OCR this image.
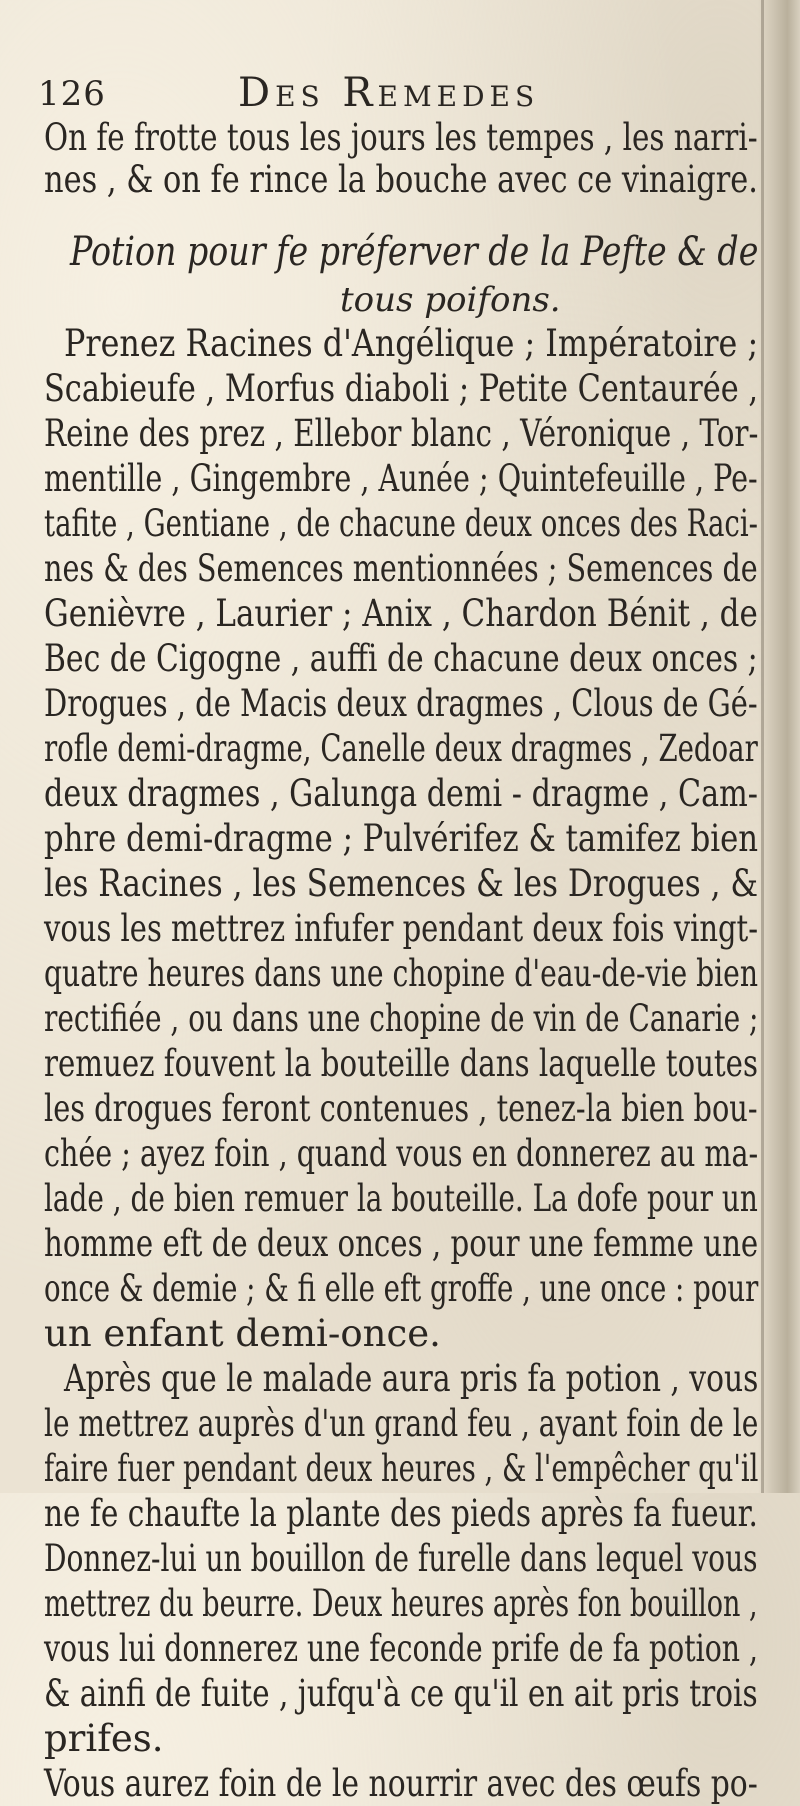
126	Des Remedes
On fe frotte tous les jours les tempes , les narri-
nes , & on fe rince la bouche avec ce vinaigre.
Potion pour fe préferver de la Pefte & de
tous poifons.
Prenez Racines d'Angélique ; Impératoire ;
Scabieufe , Morfus diaboli ; Petite Centaurée ,
Reine des prez , Ellebor blanc , Véronique , Tor-
mentille , Gingembre , Aunée ; Quintefeuille , Pe-
tafite , Gentiane , de chacune deux onces des Raci-
nes & des Semences mentionnées ; Semences de
Genièvre , Laurier ; Anix , Chardon Bénit , de
Bec de Cigogne , auffi de chacune deux onces ;
Drogues , de Macis deux dragmes , Clous de Gé-
rofle demi-dragme, Canelle deux dragmes , Zedoar
deux dragmes , Galunga demi - dragme , Cam-
phre demi-dragme ; Pulvérifez & tamifez bien
les Racines , les Semences & les Drogues , &
vous les mettrez infufer pendant deux fois vingt-
quatre heures dans une chopine d'eau-de-vie bien
rectifiée , ou dans une chopine de vin de Canarie ;
remuez fouvent la bouteille dans laquelle toutes
les drogues feront contenues , tenez-la bien bou-
chée ; ayez foin , quand vous en donnerez au ma-
lade , de bien remuer la bouteille. La dofe pour un
homme eft de deux onces , pour une femme une
once & demie ; & fi elle eft groffe , une once : pour
un enfant demi-once.
Après que le malade aura pris fa potion , vous
le mettrez auprès d'un grand feu , ayant foin de le
faire fuer pendant deux heures , & l'empêcher qu'il
ne fe chaufte la plante des pieds après fa fueur.
Donnez-lui un bouillon de furelle dans lequel vous
mettrez du beurre. Deux heures après fon bouillon ,
vous lui donnerez une feconde prife de fa potion ,
& ainfi de fuite , jufqu'à ce qu'il en ait pris trois
prifes.
Vous aurez foin de le nourrir avec des œufs po-
